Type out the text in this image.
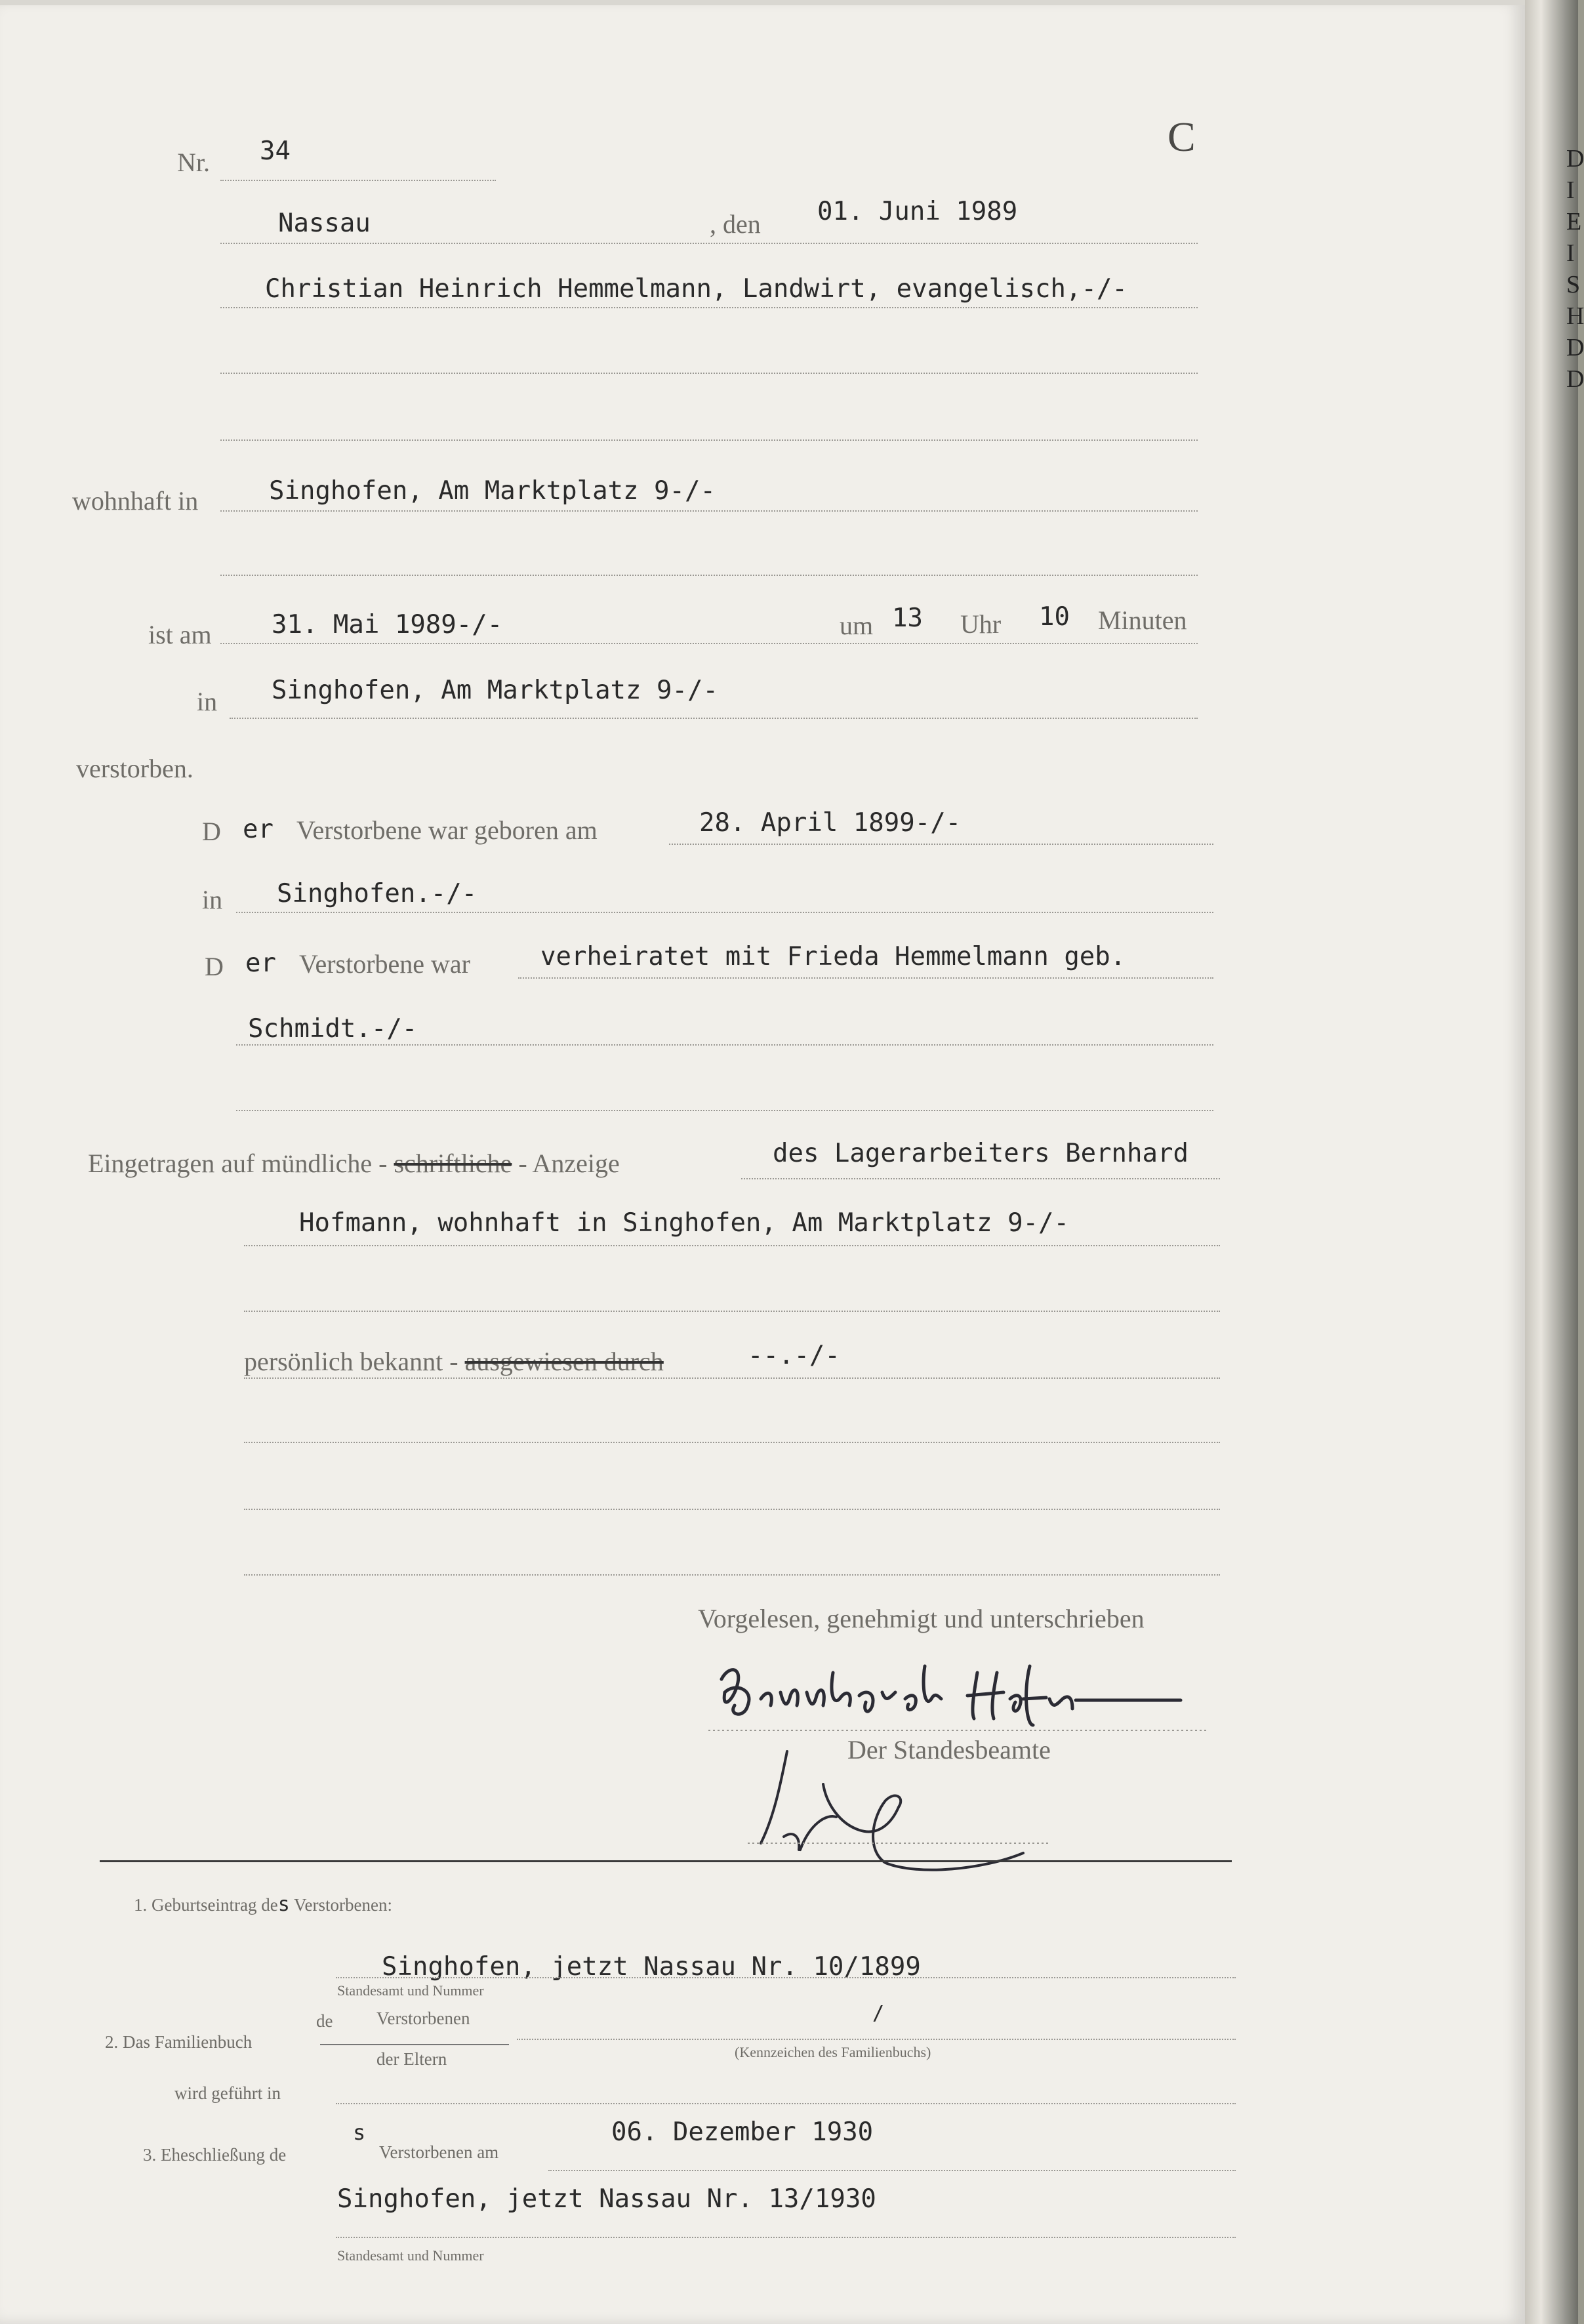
Nr. 34	C
Nassau	, den 01. Juni 1989
Christian Heinrich Hemmelmann, Landwirt, evangelisch,-/-
wohnhaft in	Singhofen, Am Marktplatz 9-/-
ist am 31. Mai 1989-/-	um 13 Uhr 10 Minuten
in Singhofen, Am Marktplatz 9-/-
verstorben.
D er Verstorbene war geboren am	28. April 1899-/-
in Singhofen.-/-
D er Verstorbene war	verheiratet mit Frieda Hemmelmann geb.
Schmidt.-/-
Eingetragen auf mündliche - schriftliche - Anzeige	des Lagerarbeiters Bernhard
Hofmann, wohnhaft in Singhofen, Am Marktplatz 9-/-
persönlich bekannt - ausgewiesen durch	--.-/-
Vorgelesen, genehmigt und unterschrieben
Der Standesbeamte
1. Geburtseintrag des Verstorbenen:
Singhofen, jetzt Nassau Nr. 10/1899
Standesamt und Nummer
2. Das Familienbuch
de Verstorbenen
der Eltern
/
(Kennzeichen des Familienbuchs)
wird geführt in
3. Eheschließung de
s
Verstorbenen am
06. Dezember 1930
Singhofen, jetzt Nassau Nr. 13/1930
Standesamt und Nummer
D
I
E
I
S
H
D
D
